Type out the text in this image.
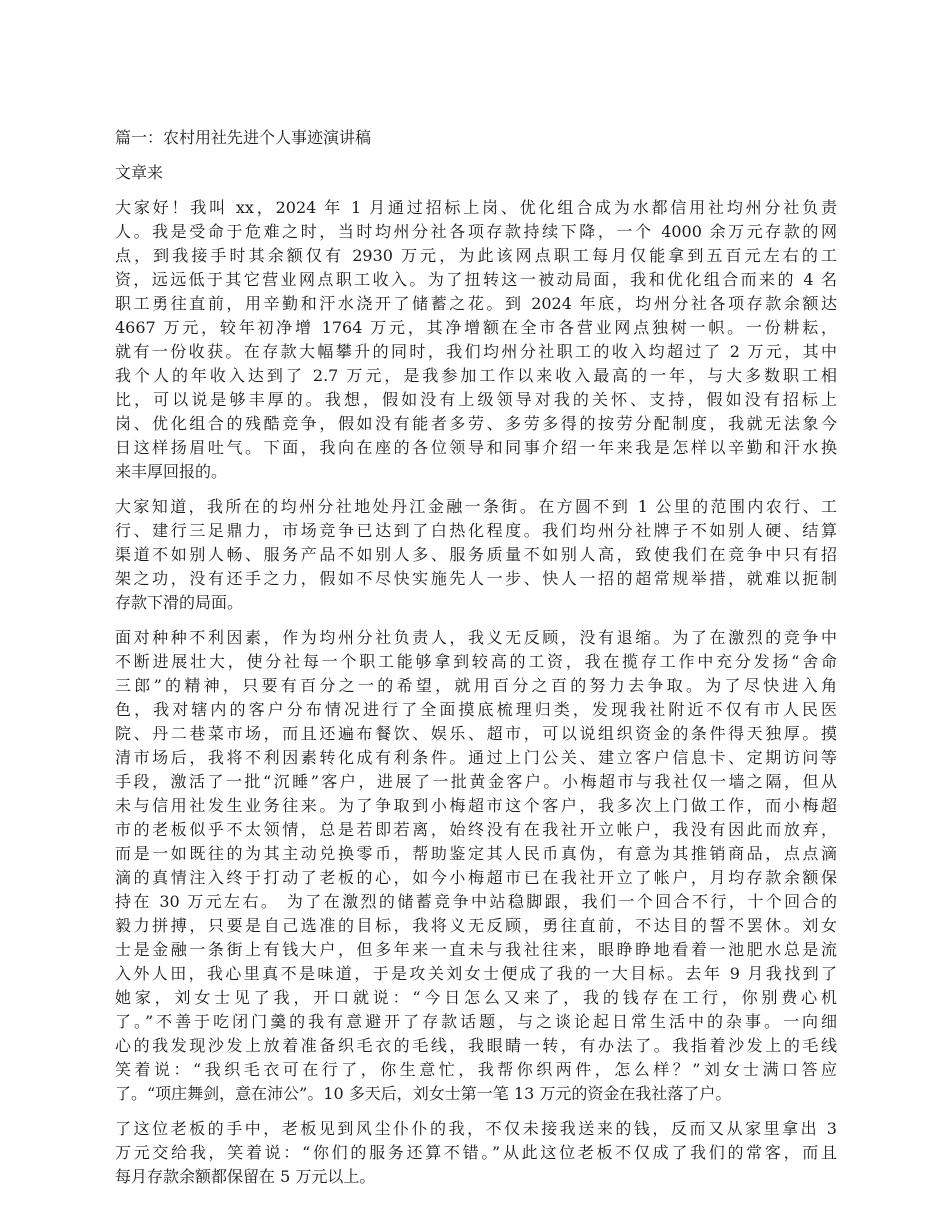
篇一：农村用社先进个人事迹演讲稿
文章来
大家好！我叫 xx，2024 年 1 月通过招标上岗、优化组合成为水都信用社均州分社负责
人。我是受命于危难之时，当时均州分社各项存款持续下降，一个 4000 余万元存款的网
点，到我接手时其余额仅有 2930 万元，为此该网点职工每月仅能拿到五百元左右的工
资，远远低于其它营业网点职工收入。为了扭转这一被动局面，我和优化组合而来的 4 名
职工勇往直前，用辛勤和汗水浇开了储蓄之花。到 2024 年底，均州分社各项存款余额达
4667 万元，较年初净增 1764 万元，其净增额在全市各营业网点独树一帜。一份耕耘，
就有一份收获。在存款大幅攀升的同时，我们均州分社职工的收入均超过了 2 万元，其中
我个人的年收入达到了 2.7 万元，是我参加工作以来收入最高的一年，与大多数职工相
比，可以说是够丰厚的。我想，假如没有上级领导对我的关怀、支持，假如没有招标上
岗、优化组合的残酷竞争，假如没有能者多劳、多劳多得的按劳分配制度，我就无法象今
日这样扬眉吐气。下面，我向在座的各位领导和同事介绍一年来我是怎样以辛勤和汗水换
来丰厚回报的。
大家知道，我所在的均州分社地处丹江金融一条街。在方圆不到 1 公里的范围内农行、工
行、建行三足鼎力，市场竞争已达到了白热化程度。我们均州分社牌子不如别人硬、结算
渠道不如别人畅、服务产品不如别人多、服务质量不如别人高，致使我们在竞争中只有招
架之功，没有还手之力，假如不尽快实施先人一步、快人一招的超常规举措，就难以扼制
存款下滑的局面。
面对种种不利因素，作为均州分社负责人，我义无反顾，没有退缩。为了在激烈的竞争中
不断进展壮大，使分社每一个职工能够拿到较高的工资，我在揽存工作中充分发扬“舍命
三郎”的精神，只要有百分之一的希望，就用百分之百的努力去争取。为了尽快进入角
色，我对辖内的客户分布情况进行了全面摸底梳理归类，发现我社附近不仅有市人民医
院、丹二巷菜市场，而且还遍布餐饮、娱乐、超市，可以说组织资金的条件得天独厚。摸
清市场后，我将不利因素转化成有利条件。通过上门公关、建立客户信息卡、定期访问等
手段，激活了一批“沉睡”客户，进展了一批黄金客户。小梅超市与我社仅一墙之隔，但从
未与信用社发生业务往来。为了争取到小梅超市这个客户，我多次上门做工作，而小梅超
市的老板似乎不太领情，总是若即若离，始终没有在我社开立帐户，我没有因此而放弃，
而是一如既往的为其主动兑换零币，帮助鉴定其人民币真伪，有意为其推销商品，点点滴
滴的真情注入终于打动了老板的心，如今小梅超市已在我社开立了帐户，月均存款余额保
持在 30 万元左右。 为了在激烈的储蓄竞争中站稳脚跟，我们一个回合不行，十个回合的
毅力拼搏，只要是自己选准的目标，我将义无反顾，勇往直前，不达目的誓不罢休。刘女
士是金融一条街上有钱大户，但多年来一直未与我社往来，眼睁睁地看着一池肥水总是流
入外人田，我心里真不是味道，于是攻关刘女士便成了我的一大目标。去年 9 月我找到了
她家，刘女士见了我，开口就说：“今日怎么又来了，我的钱存在工行，你别费心机
了。”不善于吃闭门羹的我有意避开了存款话题，与之谈论起日常生活中的杂事。一向细
心的我发现沙发上放着准备织毛衣的毛线，我眼睛一转，有办法了。我指着沙发上的毛线
笑着说：“我织毛衣可在行了，你生意忙，我帮你织两件，怎么样？”刘女士满口答应
了。“项庄舞剑，意在沛公”。10 多天后，刘女士第一笔 13 万元的资金在我社落了户。
了这位老板的手中，老板见到风尘仆仆的我，不仅未接我送来的钱，反而又从家里拿出 3
万元交给我，笑着说：“你们的服务还算不错。”从此这位老板不仅成了我们的常客，而且
每月存款余额都保留在 5 万元以上。
